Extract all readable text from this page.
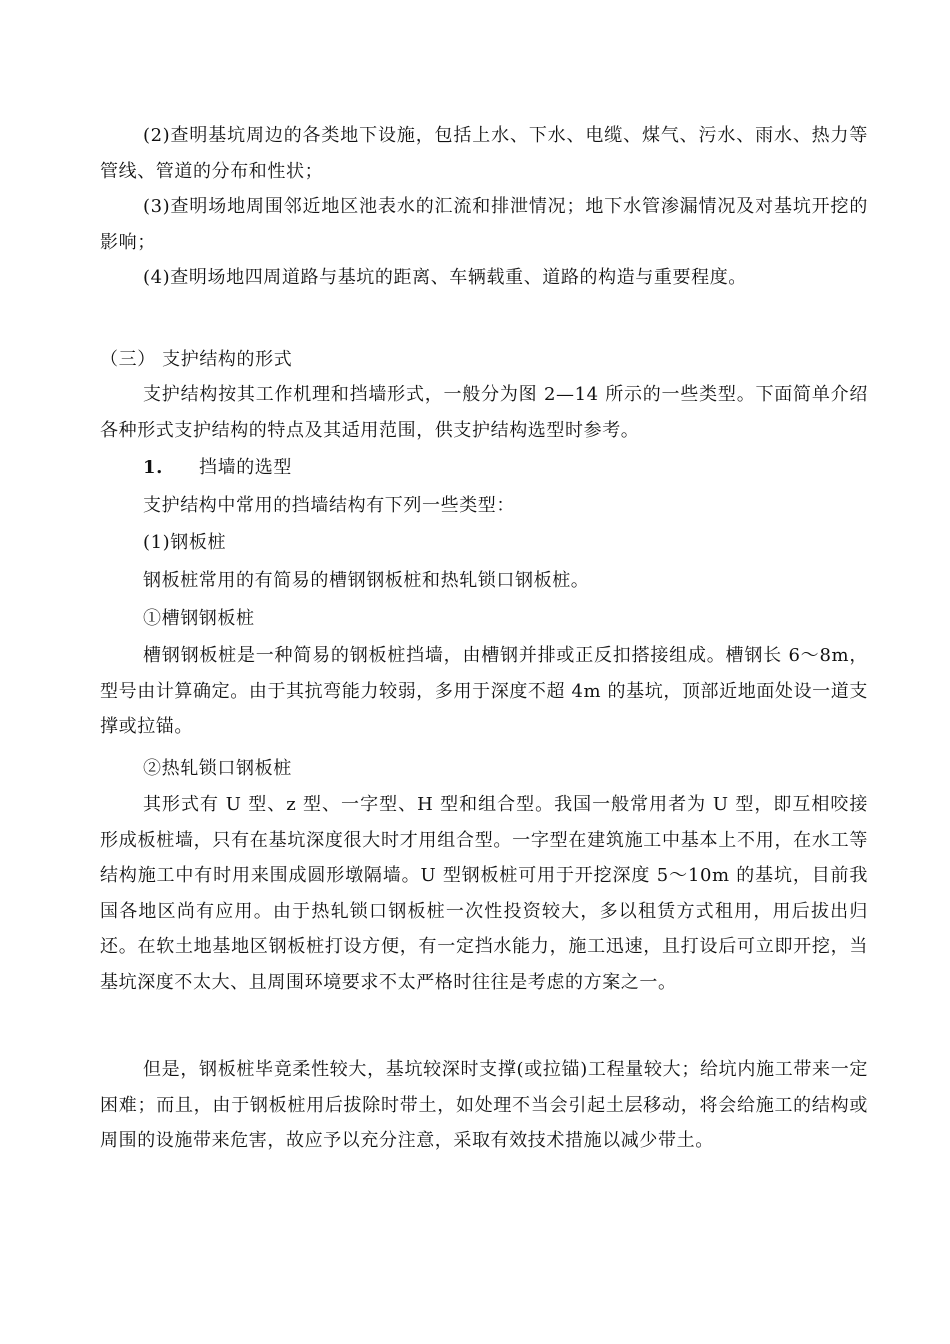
(2)查明基坑周边的各类地下设施，包括上水、下水、电缆、煤气、污水、雨水、热力等管线、管道的分布和性状；

(3)查明场地周围邻近地区池表水的汇流和排泄情况；地下水管渗漏情况及对基坑开挖的影响；

(4)查明场地四周道路与基坑的距离、车辆载重、道路的构造与重要程度。

（三） 支护结构的形式

支护结构按其工作机理和挡墙形式，一般分为图 2—14 所示的一些类型。下面简单介绍各种形式支护结构的特点及其适用范围，供支护结构选型时参考。

1. 挡墙的选型

支护结构中常用的挡墙结构有下列一些类型：

(1)钢板桩

钢板桩常用的有简易的槽钢钢板桩和热轧锁口钢板桩。

①槽钢钢板桩

槽钢钢板桩是一种简易的钢板桩挡墙，由槽钢并排或正反扣搭接组成。槽钢长 6～8m，型号由计算确定。由于其抗弯能力较弱，多用于深度不超 4m 的基坑，顶部近地面处设一道支撑或拉锚。

②热轧锁口钢板桩

其形式有 U 型、z 型、一字型、H 型和组合型。我国一般常用者为 U 型，即互相咬接形成板桩墙，只有在基坑深度很大时才用组合型。一字型在建筑施工中基本上不用，在水工等结构施工中有时用来围成圆形墩隔墙。U 型钢板桩可用于开挖深度 5～10m 的基坑，目前我国各地区尚有应用。由于热轧锁口钢板桩一次性投资较大，多以租赁方式租用，用后拔出归还。在软土地基地区钢板桩打设方便，有一定挡水能力，施工迅速，且打设后可立即开挖，当基坑深度不太大、且周围环境要求不太严格时往往是考虑的方案之一。

但是，钢板桩毕竟柔性较大，基坑较深时支撑(或拉锚)工程量较大；给坑内施工带来一定困难；而且，由于钢板桩用后拔除时带土，如处理不当会引起土层移动，将会给施工的结构或周围的设施带来危害，故应予以充分注意，采取有效技术措施以减少带土。
